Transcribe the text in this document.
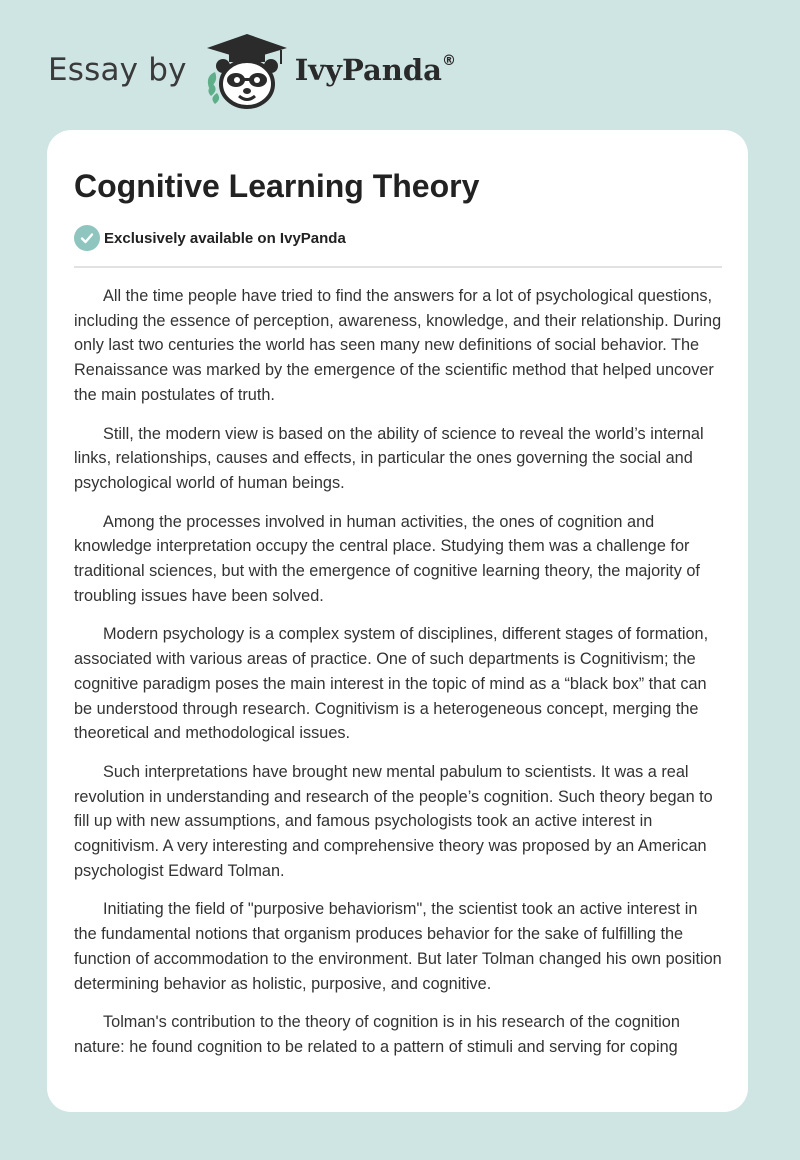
Essay by	IvyPanda®
Cognitive Learning Theory
Exclusively available on IvyPanda

All the time people have tried to find the answers for a lot of psychological questions, including the essence of perception, awareness, knowledge, and their relationship. During only last two centuries the world has seen many new definitions of social behavior. The Renaissance was marked by the emergence of the scientific method that helped uncover the main postulates of truth.

Still, the modern view is based on the ability of science to reveal the world’s internal links, relationships, causes and effects, in particular the ones governing the social and psychological world of human beings.

Among the processes involved in human activities, the ones of cognition and knowledge interpretation occupy the central place. Studying them was a challenge for traditional sciences, but with the emergence of cognitive learning theory, the majority of troubling issues have been solved.

Modern psychology is a complex system of disciplines, different stages of formation, associated with various areas of practice. One of such departments is Cognitivism; the cognitive paradigm poses the main interest in the topic of mind as a “black box” that can be understood through research. Cognitivism is a heterogeneous concept, merging the theoretical and methodological issues.

Such interpretations have brought new mental pabulum to scientists. It was a real revolution in understanding and research of the people’s cognition. Such theory began to fill up with new assumptions, and famous psychologists took an active interest in cognitivism. A very interesting and comprehensive theory was proposed by an American psychologist Edward Tolman.

Initiating the field of "purposive behaviorism", the scientist took an active interest in the fundamental notions that organism produces behavior for the sake of fulfilling the function of accommodation to the environment. But later Tolman changed his own position determining behavior as holistic, purposive, and cognitive.

Tolman's contribution to the theory of cognition is in his research of the cognition nature: he found cognition to be related to a pattern of stimuli and serving for coping
